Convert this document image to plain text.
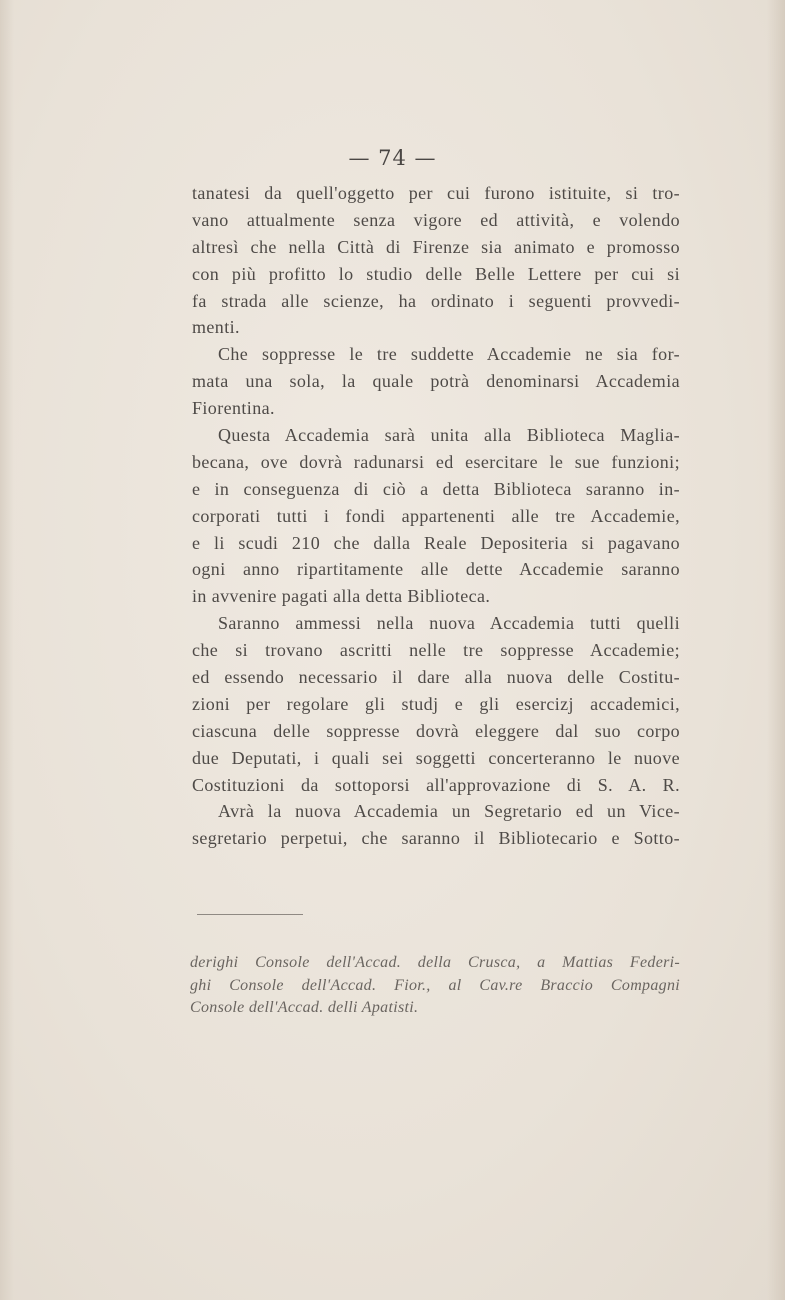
— 74 —
tanatesi da quell'oggetto per cui furono istituite, si tro-
vano attualmente senza vigore ed attività, e volendo
altresì che nella Città di Firenze sia animato e promosso
con più profitto lo studio delle Belle Lettere per cui si
fa strada alle scienze, ha ordinato i seguenti provvedi-
menti.
Che soppresse le tre suddette Accademie ne sia for-
mata una sola, la quale potrà denominarsi Accademia
Fiorentina.
Questa Accademia sarà unita alla Biblioteca Maglia-
becana, ove dovrà radunarsi ed esercitare le sue funzioni;
e in conseguenza di ciò a detta Biblioteca saranno in-
corporati tutti i fondi appartenenti alle tre Accademie,
e li scudi 210 che dalla Reale Depositeria si pagavano
ogni anno ripartitamente alle dette Accademie saranno
in avvenire pagati alla detta Biblioteca.
Saranno ammessi nella nuova Accademia tutti quelli
che si trovano ascritti nelle tre soppresse Accademie;
ed essendo necessario il dare alla nuova delle Costitu-
zioni per regolare gli studj e gli esercizj accademici,
ciascuna delle soppresse dovrà eleggere dal suo corpo
due Deputati, i quali sei soggetti concerteranno le nuove
Costituzioni da sottoporsi all'approvazione di S. A. R.
Avrà la nuova Accademia un Segretario ed un Vice-
segretario perpetui, che saranno il Bibliotecario e Sotto-
derighi Console dell'Accad. della Crusca, a Mattias Federi-
ghi Console dell'Accad. Fior., al Cav.re Braccio Compagni
Console dell'Accad. delli Apatisti.
